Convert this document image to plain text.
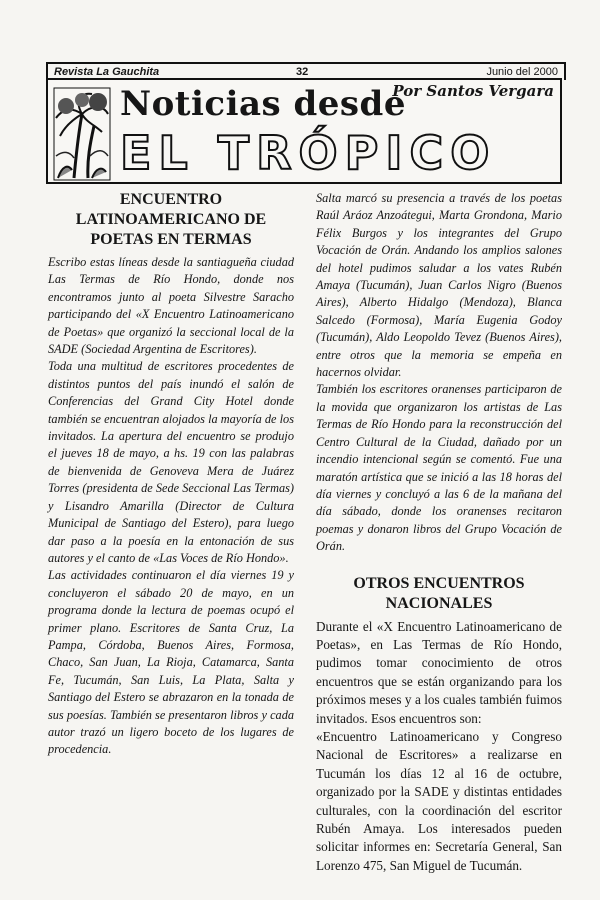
Revista La Gauchita	32	Junio del 2000
Noticias desde
Por Santos Vergara
EL TRÓPICO
ENCUENTRO LATINOAMERICANO DE POETAS EN TERMAS

Escribo estas líneas desde la santiagueña ciudad Las Termas de Río Hondo, donde nos encontramos junto al poeta Silvestre Saracho participando del «X Encuentro Latinoamericano de Poetas» que organizó la seccional local de la SADE (Sociedad Argentina de Escritores).

Toda una multitud de escritores procedentes de distintos puntos del país inundó el salón de Conferencias del Grand City Hotel donde también se encuentran alojados la mayoría de los invitados. La apertura del encuentro se produjo el jueves 18 de mayo, a hs. 19 con las palabras de bienvenida de Genoveva Mera de Juárez Torres (presidenta de Sede Seccional Las Termas) y Lisandro Amarilla (Director de Cultura Municipal de Santiago del Estero), para luego dar paso a la poesía en la entonación de sus autores y el canto de «Las Voces de Río Hondo».

Las actividades continuaron el día viernes 19 y concluyeron el sábado 20 de mayo, en un programa donde la lectura de poemas ocupó el primer plano. Escritores de Santa Cruz, La Pampa, Córdoba, Buenos Aires, Formosa, Chaco, San Juan, La Rioja, Catamarca, Santa Fe, Tucumán, San Luis, La Plata, Salta y Santiago del Estero se abrazaron en la tonada de sus poesías. También se presentaron libros y cada autor trazó un ligero boceto de los lugares de procedencia.

Salta marcó su presencia a través de los poetas Raúl Aráoz Anzoátegui, Marta Grondona, Mario Félix Burgos y los integrantes del Grupo Vocación de Orán. Andando los amplios salones del hotel pudimos saludar a los vates Rubén Amaya (Tucumán), Juan Carlos Nigro (Buenos Aires), Alberto Hidalgo (Mendoza), Blanca Salcedo (Formosa), María Eugenia Godoy (Tucumán), Aldo Leopoldo Tevez (Buenos Aires), entre otros que la memoria se empeña en hacernos olvidar.

También los escritores oranenses participaron de la movida que organizaron los artistas de Las Termas de Río Hondo para la reconstrucción del Centro Cultural de la Ciudad, dañado por un incendio intencional según se comentó. Fue una maratón artística que se inició a las 18 horas del día viernes y concluyó a las 6 de la mañana del día sábado, donde los oranenses recitaron poemas y donaron libros del Grupo Vocación de Orán.

OTROS ENCUENTROS NACIONALES

Durante el «X Encuentro Latinoamericano de Poetas», en Las Termas de Río Hondo, pudimos tomar conocimiento de otros encuentros que se están organizando para los próximos meses y a los cuales también fuimos invitados. Esos encuentros son:

«Encuentro Latinoamericano y Congreso Nacional de Escritores» a realizarse en Tucumán los días 12 al 16 de octubre, organizado por la SADE y distintas entidades culturales, con la coordinación del escritor Rubén Amaya. Los interesados pueden solicitar informes en: Secretaría General, San Lorenzo 475, San Miguel de Tucumán.
